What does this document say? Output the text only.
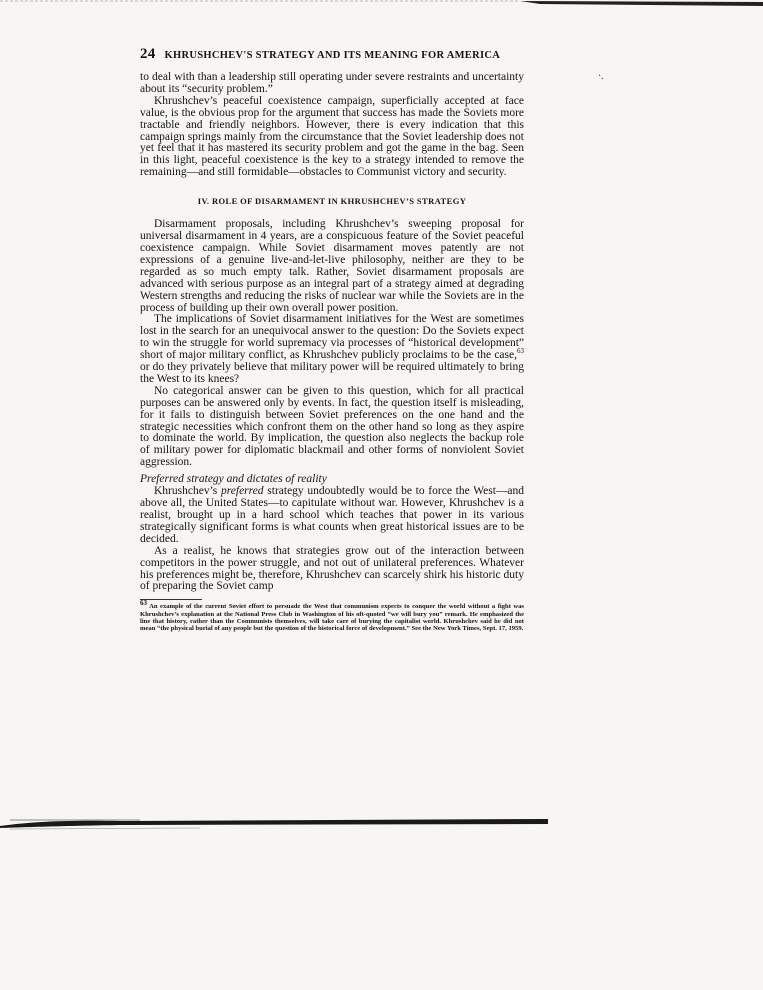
‧.
24 KHRUSHCHEV'S STRATEGY AND ITS MEANING FOR AMERICA

to deal with than a leadership still operating under severe restraints and uncertainty about its “security problem.”

Khrushchev’s peaceful coexistence campaign, superficially accepted at face value, is the obvious prop for the argument that success has made the Soviets more tractable and friendly neighbors. However, there is every indication that this campaign springs mainly from the circumstance that the Soviet leadership does not yet feel that it has mastered its security problem and got the game in the bag. Seen in this light, peaceful coexistence is the key to a strategy intended to remove the remaining—and still formidable—obstacles to Communist victory and security.

IV. ROLE OF DISARMAMENT IN KHRUSHCHEV’S STRATEGY

Disarmament proposals, including Khrushchev’s sweeping proposal for universal disarmament in 4 years, are a conspicuous feature of the Soviet peaceful coexistence campaign. While Soviet disarmament moves patently are not expressions of a genuine live-and-let-live philosophy, neither are they to be regarded as so much empty talk. Rather, Soviet disarmament proposals are advanced with serious purpose as an integral part of a strategy aimed at degrading Western strengths and reducing the risks of nuclear war while the Soviets are in the process of building up their own overall power position.

The implications of Soviet disarmament initiatives for the West are sometimes lost in the search for an unequivocal answer to the question: Do the Soviets expect to win the struggle for world supremacy via processes of “historical development” short of major military conflict, as Khrushchev publicly proclaims to be the case,$^{63}$ or do they privately believe that military power will be required ultimately to bring the West to its knees?

No categorical answer can be given to this question, which for all practical purposes can be answered only by events. In fact, the question itself is misleading, for it fails to distinguish between Soviet preferences on the one hand and the strategic necessities which confront them on the other hand so long as they aspire to dominate the world. By implication, the question also neglects the backup role of military power for diplomatic blackmail and other forms of nonviolent Soviet aggression.

Preferred strategy and dictates of reality

Khrushchev’s preferred strategy undoubtedly would be to force the West—and above all, the United States—to capitulate without war. However, Khrushchev is a realist, brought up in a hard school which teaches that power in its various strategically significant forms is what counts when great historical issues are to be decided.

As a realist, he knows that strategies grow out of the interaction between competitors in the power struggle, and not out of unilateral preferences. Whatever his preferences might be, therefore, Khrushchev can scarcely shirk his historic duty of preparing the Soviet camp

$^{63}$ An example of the current Soviet effort to persuade the West that communism expects to conquer the world without a fight was Khrushchev’s explanation at the National Press Club in Washington of his oft-quoted “we will bury you” remark. He emphasized the line that history, rather than the Communists themselves, will take care of burying the capitalist world. Khrushchev said he did not mean “the physical burial of any people but the question of the historical force of development.” See the New York Times, Sept. 17, 1959.
